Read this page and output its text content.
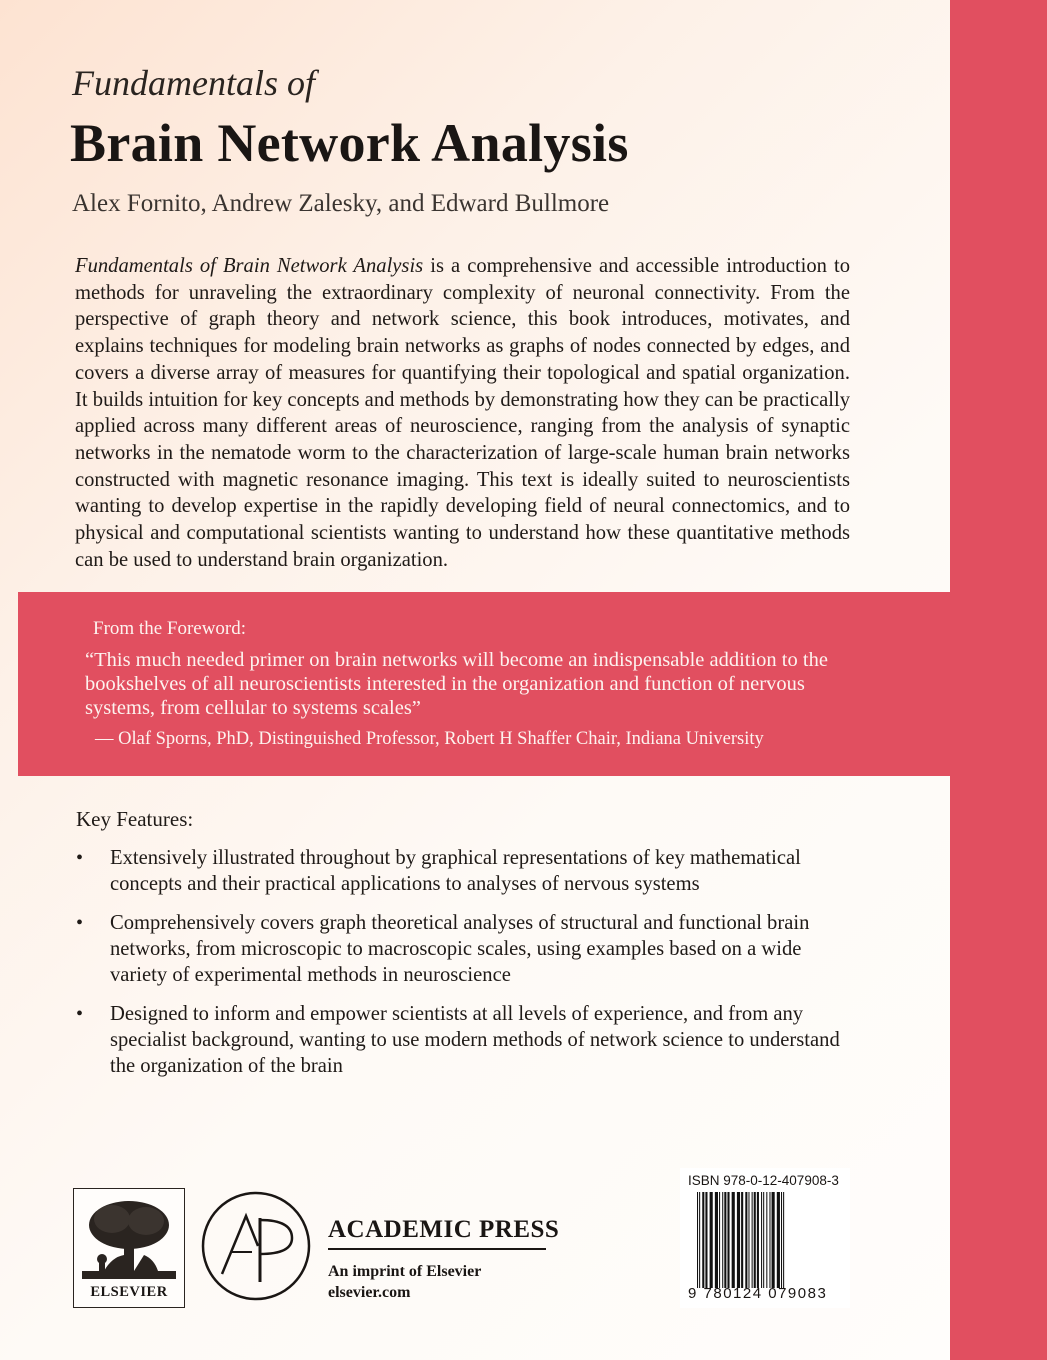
Fundamentals of
Brain Network Analysis
Alex Fornito, Andrew Zalesky, and Edward Bullmore

Fundamentals of Brain Network Analysis is a comprehensive and accessible introduction to methods for unraveling the extraordinary complexity of neuronal connectivity. From the perspective of graph theory and network science, this book introduces, motivates, and explains techniques for modeling brain networks as graphs of nodes connected by edges, and covers a diverse array of measures for quantifying their topological and spatial organization. It builds intuition for key concepts and methods by demonstrating how they can be practically applied across many different areas of neuroscience, ranging from the analysis of synaptic networks in the nematode worm to the characterization of large-scale human brain networks constructed with magnetic resonance imaging. This text is ideally suited to neuroscientists wanting to develop expertise in the rapidly developing field of neural connectomics, and to physical and computational scientists wanting to understand how these quantitative methods can be used to understand brain organization.

From the Foreword:

“This much needed primer on brain networks will become an indispensable addition to the bookshelves of all neuroscientists interested in the organization and function of nervous systems, from cellular to systems scales”

— Olaf Sporns, PhD, Distinguished Professor, Robert H Shaffer Chair, Indiana University
Key Features:
• Extensively illustrated throughout by graphical representations of key mathematical concepts and their practical applications to analyses of nervous systems
• Comprehensively covers graph theoretical analyses of structural and functional brain networks, from microscopic to macroscopic scales, using examples based on a wide variety of experimental methods in neuroscience
• Designed to inform and empower scientists at all levels of experience, and from any specialist background, wanting to use modern methods of network science to understand the organization of the brain
ELSEVIER
ACADEMIC PRESS
An imprint of Elsevier
elsevier.com
ISBN 978-0-12-407908-3
9 780124 079083
